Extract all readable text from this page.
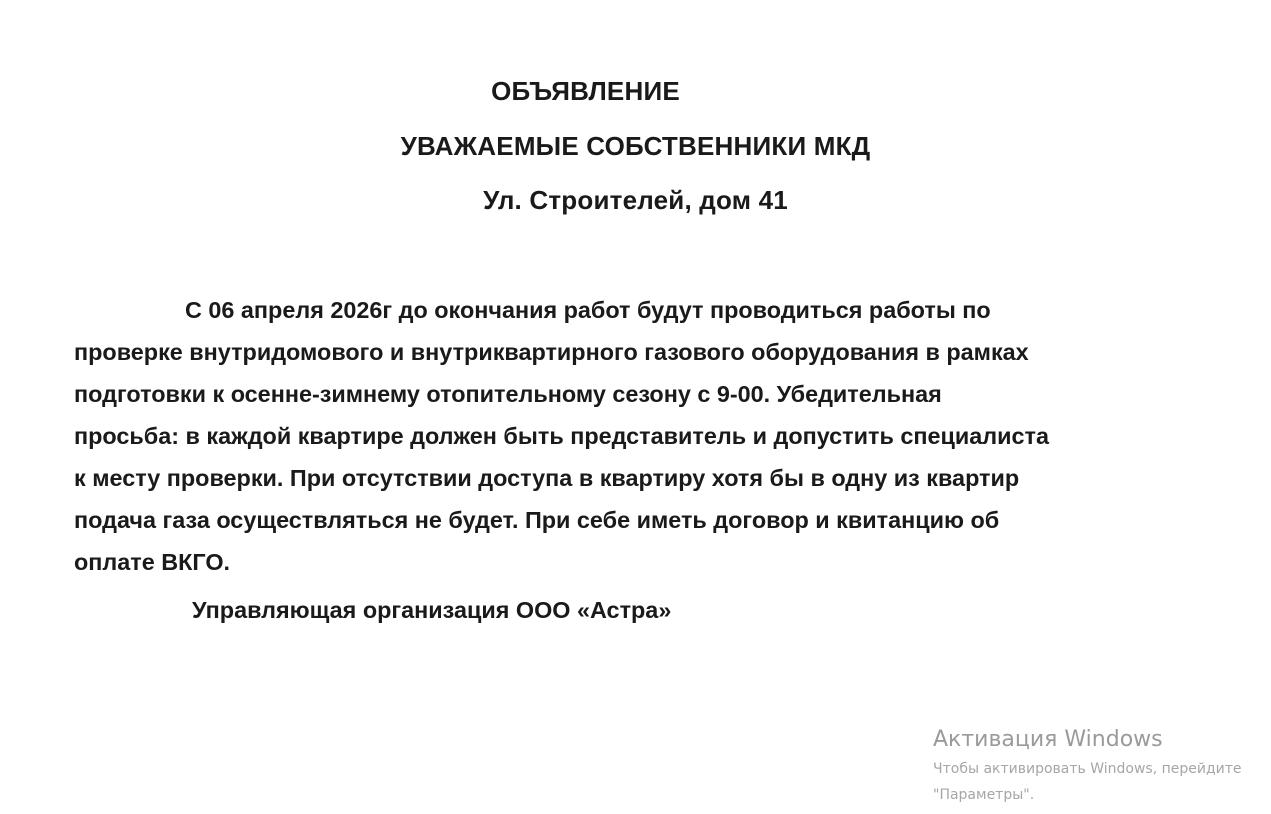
ОБЪЯВЛЕНИЕ
УВАЖАЕМЫЕ СОБСТВЕННИКИ МКД
Ул. Строителей, дом 41
С 06 апреля 2026г до окончания работ будут проводиться работы по
проверке внутридомового и внутриквартирного газового оборудования в рамках
подготовки к осенне-зимнему отопительному сезону с 9-00. Убедительная
просьба: в каждой квартире должен быть представитель и допустить специалиста
к месту проверки. При отсутствии доступа в квартиру хотя бы в одну из квартир
подача газа осуществляться не будет. При себе иметь договор и квитанцию об
оплате ВКГО.
Управляющая организация ООО «Астра»
Активация Windows
Чтобы активировать Windows, перейдите
"Параметры".
